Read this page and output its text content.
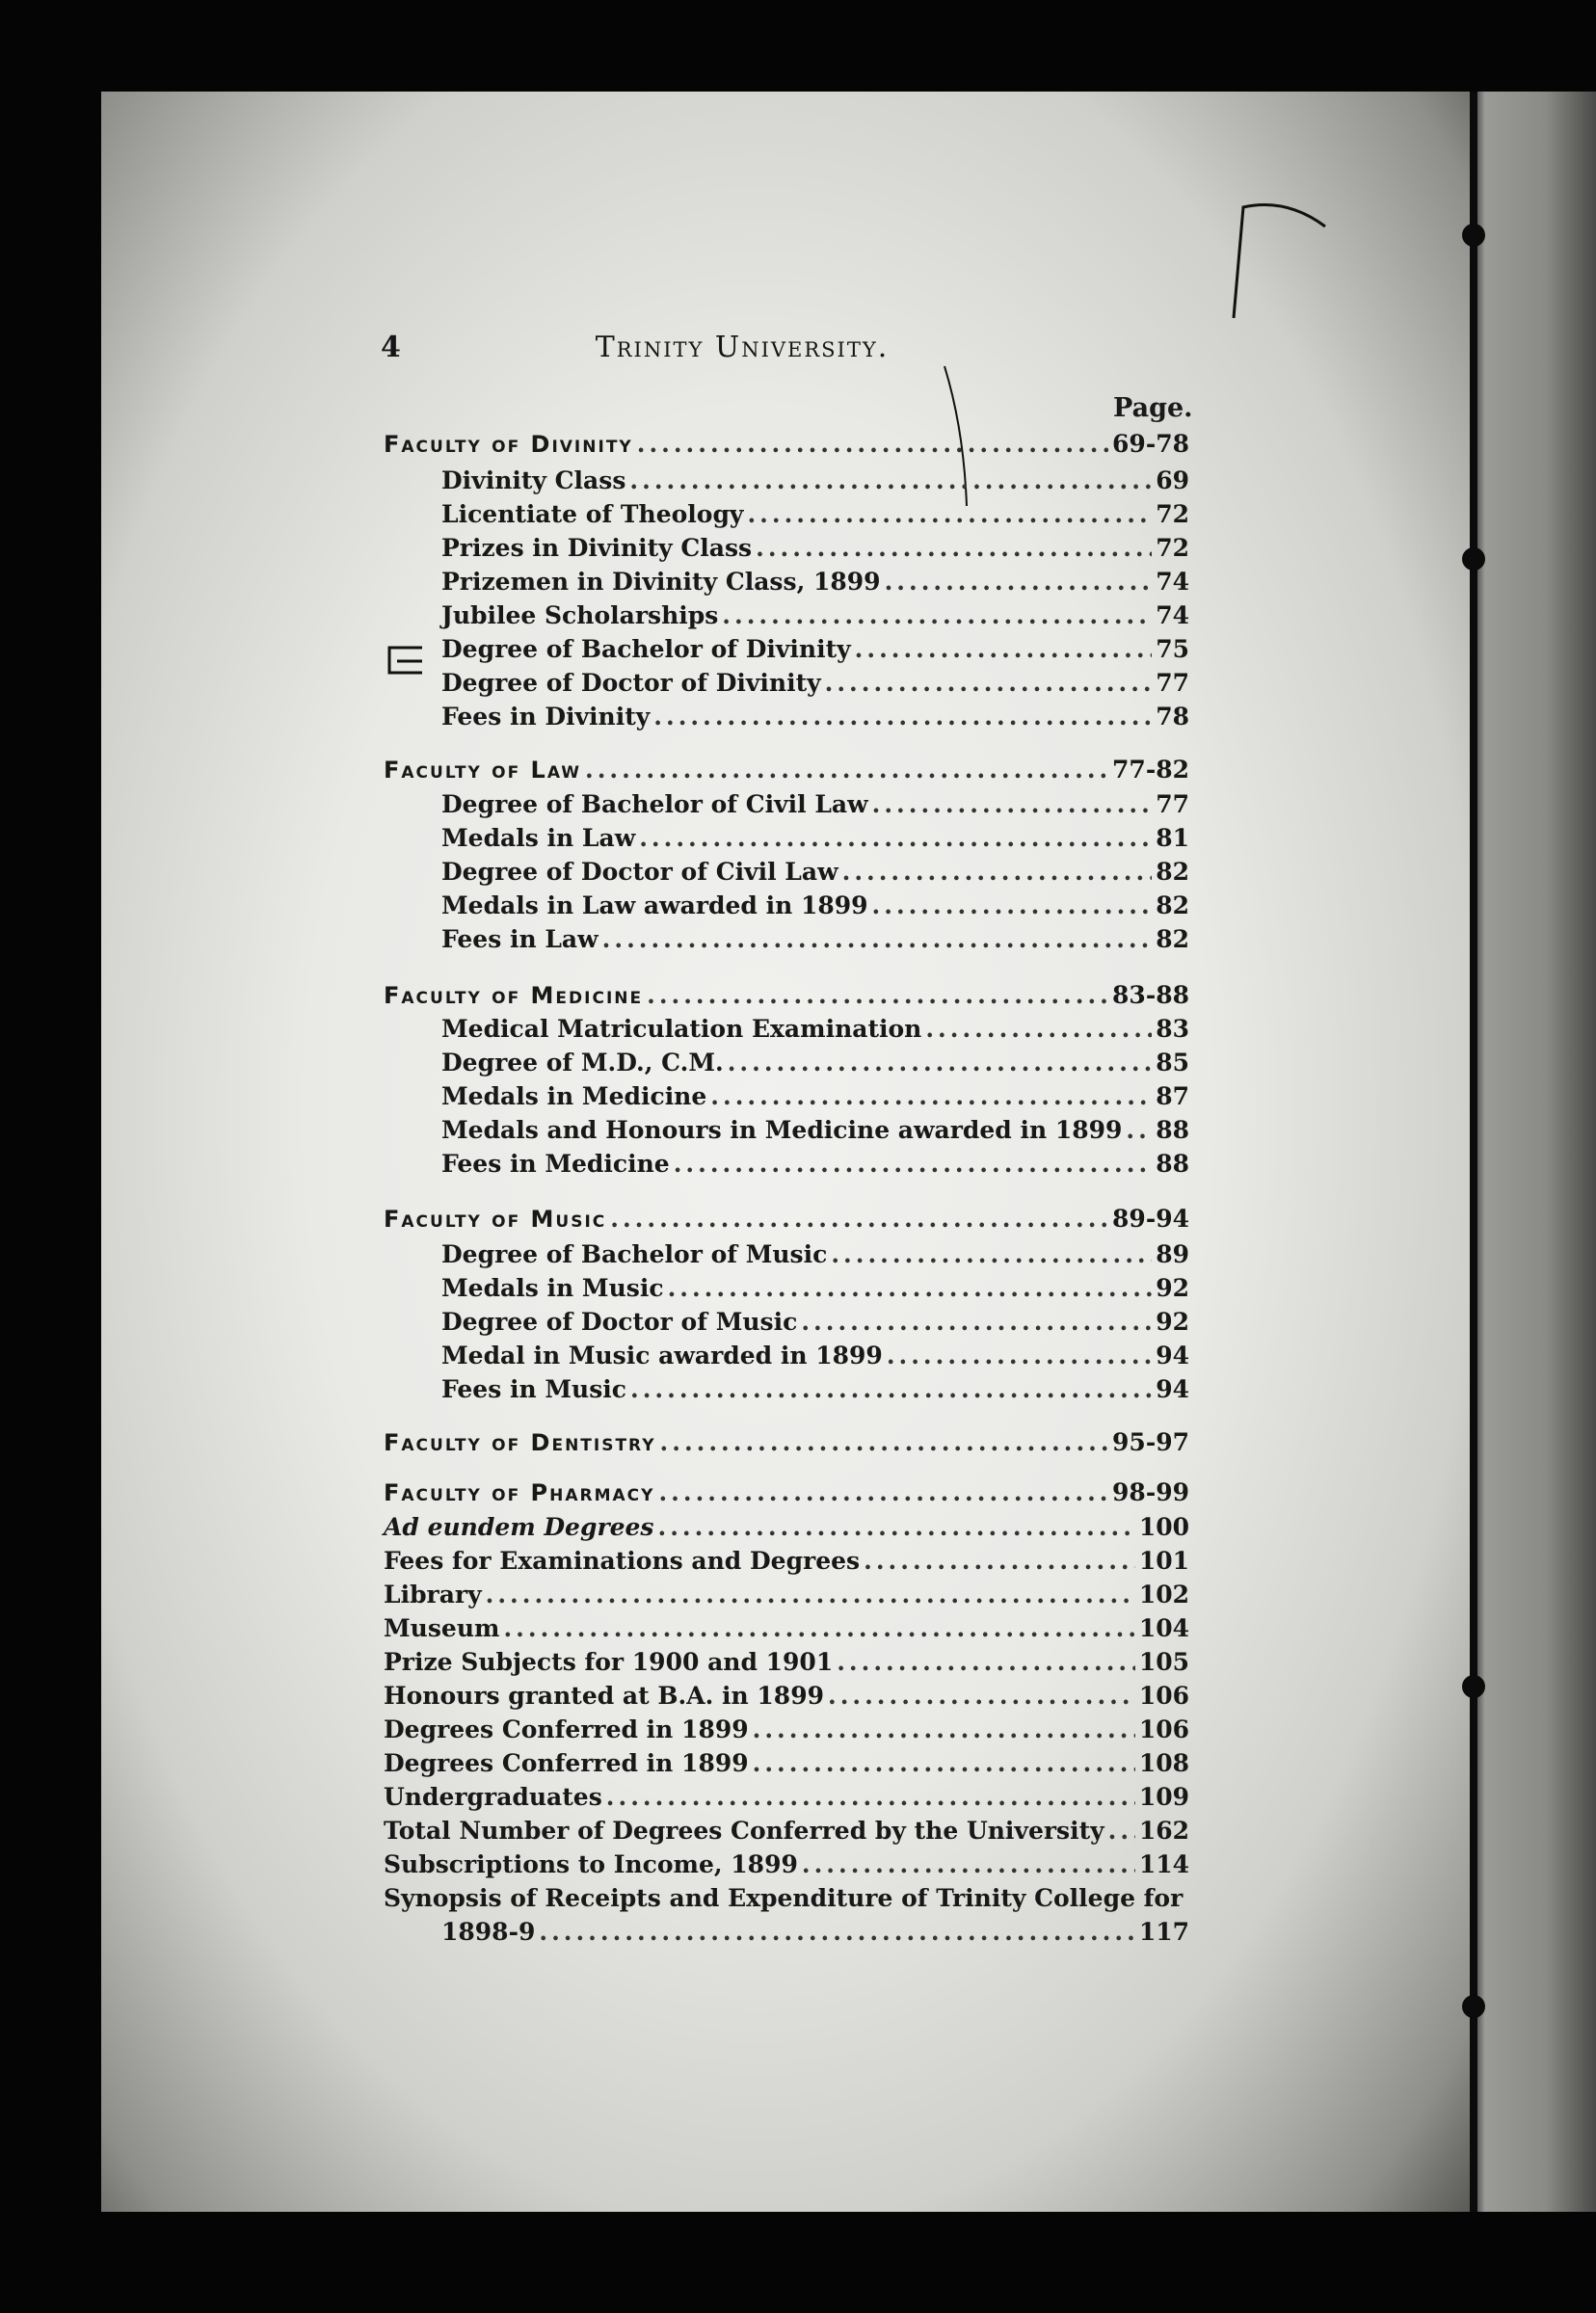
4	Trinity University.
Page.
Faculty of Divinity .....	69-78
Divinity Class .....	69
Licentiate of Theology .....	72
Prizes in Divinity Class .....	72
Prizemen in Divinity Class, 1899 .....	74
Jubilee Scholarships .....	74
Degree of Bachelor of Divinity .....	75
Degree of Doctor of Divinity .....	77
Fees in Divinity .....	78
Faculty of Law .....	77-82
Degree of Bachelor of Civil Law .....	77
Medals in Law .....	81
Degree of Doctor of Civil Law .....	82
Medals in Law awarded in 1899 .....	82
Fees in Law .....	82
Faculty of Medicine .....	83-88
Medical Matriculation Examination .....	83
Degree of M.D., C.M. .....	85
Medals in Medicine .....	87
Medals and Honours in Medicine awarded in 1899 ..... 88
Fees in Medicine .....	88
Faculty of Music .....	89-94
Degree of Bachelor of Music .....	89
Medals in Music .....	92
Degree of Doctor of Music .....	92
Medal in Music awarded in 1899 .....	94
Fees in Music .....	94
Faculty of Dentistry .....	95-97
Faculty of Pharmacy .....	98-99
Ad eundem Degrees .....	100
Fees for Examinations and Degrees .....	101
Library .....	102
Museum .....	104
Prize Subjects for 1900 and 1901 .....	105
Honours granted at B.A. in 1899 .....	106
Degrees Conferred in 1899 .....	106
Degrees Conferred in 1899 .....	108
Undergraduates .....	109
Total Number of Degrees Conferred by the University ..... 162
Subscriptions to Income, 1899 .....	114
Synopsis of Receipts and Expenditure of Trinity College for
1898-9 .....	117
